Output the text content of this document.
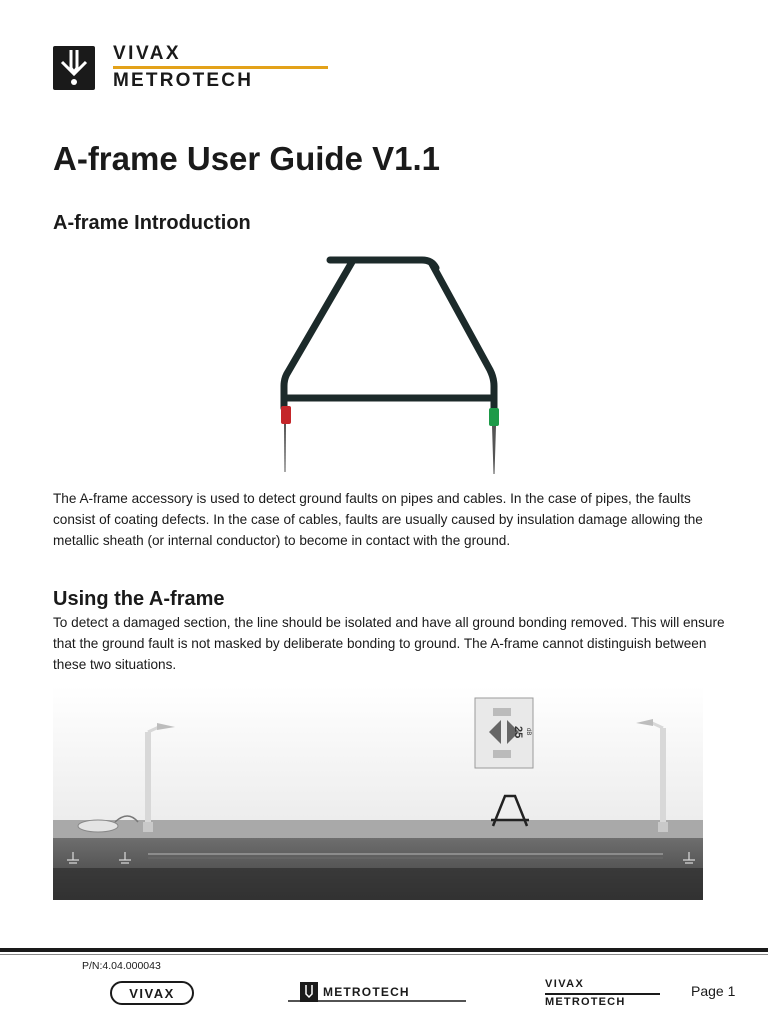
VIVAX
METROTECH
A-frame User Guide V1.1
A-frame Introduction
The A-frame accessory is used to detect ground faults on pipes and cables. In the case of pipes, the faults consist of coating defects. In the case of cables, faults are usually caused by insulation damage allowing the metallic sheath (or internal conductor) to become in contact with the ground.
Using the A-frame
To detect a damaged section, the line should be isolated and have all ground bonding removed. This will ensure that the ground fault is not masked by deliberate bonding to ground. The A-frame cannot distinguish between these two situations.
25 dB
P/N:4.04.000043
VIVAX	METROTECH
VIVAX
METROTECH
Page 1
